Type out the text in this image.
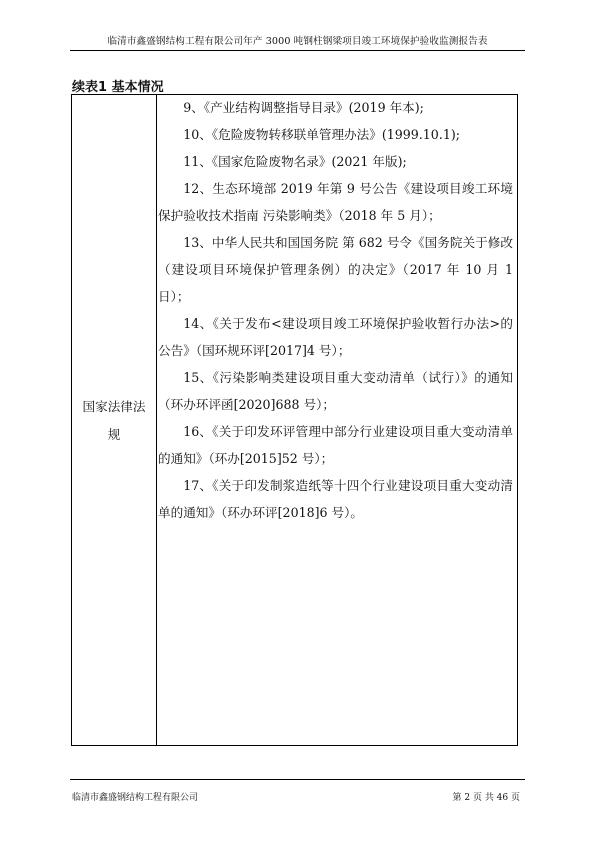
临清市鑫盛钢结构工程有限公司年产 3000 吨钢柱钢梁项目竣工环境保护验收监测报告表
续表1 基本情况
国家法律法
规
9、《产业结构调整指导目录》(2019 年本);
10、《危险废物转移联单管理办法》(1999.10.1);
11、《国家危险废物名录》(2021 年版);
12、生态环境部 2019 年第 9 号公告《建设项目竣工环境保护验收技术指南 污染影响类》（2018 年 5 月）；
13、中华人民共和国国务院 第 682 号令《国务院关于修改（建设项目环境保护管理条例）的决定》（2017 年 10 月 1 日）；
14、《关于发布<建设项目竣工环境保护验收暂行办法>的公告》（国环规环评[2017]4 号）；
15、《污染影响类建设项目重大变动清单（试行）》的通知（环办环评函[2020]688 号）；
16、《关于印发环评管理中部分行业建设项目重大变动清单的通知》（环办[2015]52 号）；
17、《关于印发制浆造纸等十四个行业建设项目重大变动清单的通知》（环办环评[2018]6 号）。
临清市鑫盛钢结构工程有限公司	第 2 页 共 46 页
